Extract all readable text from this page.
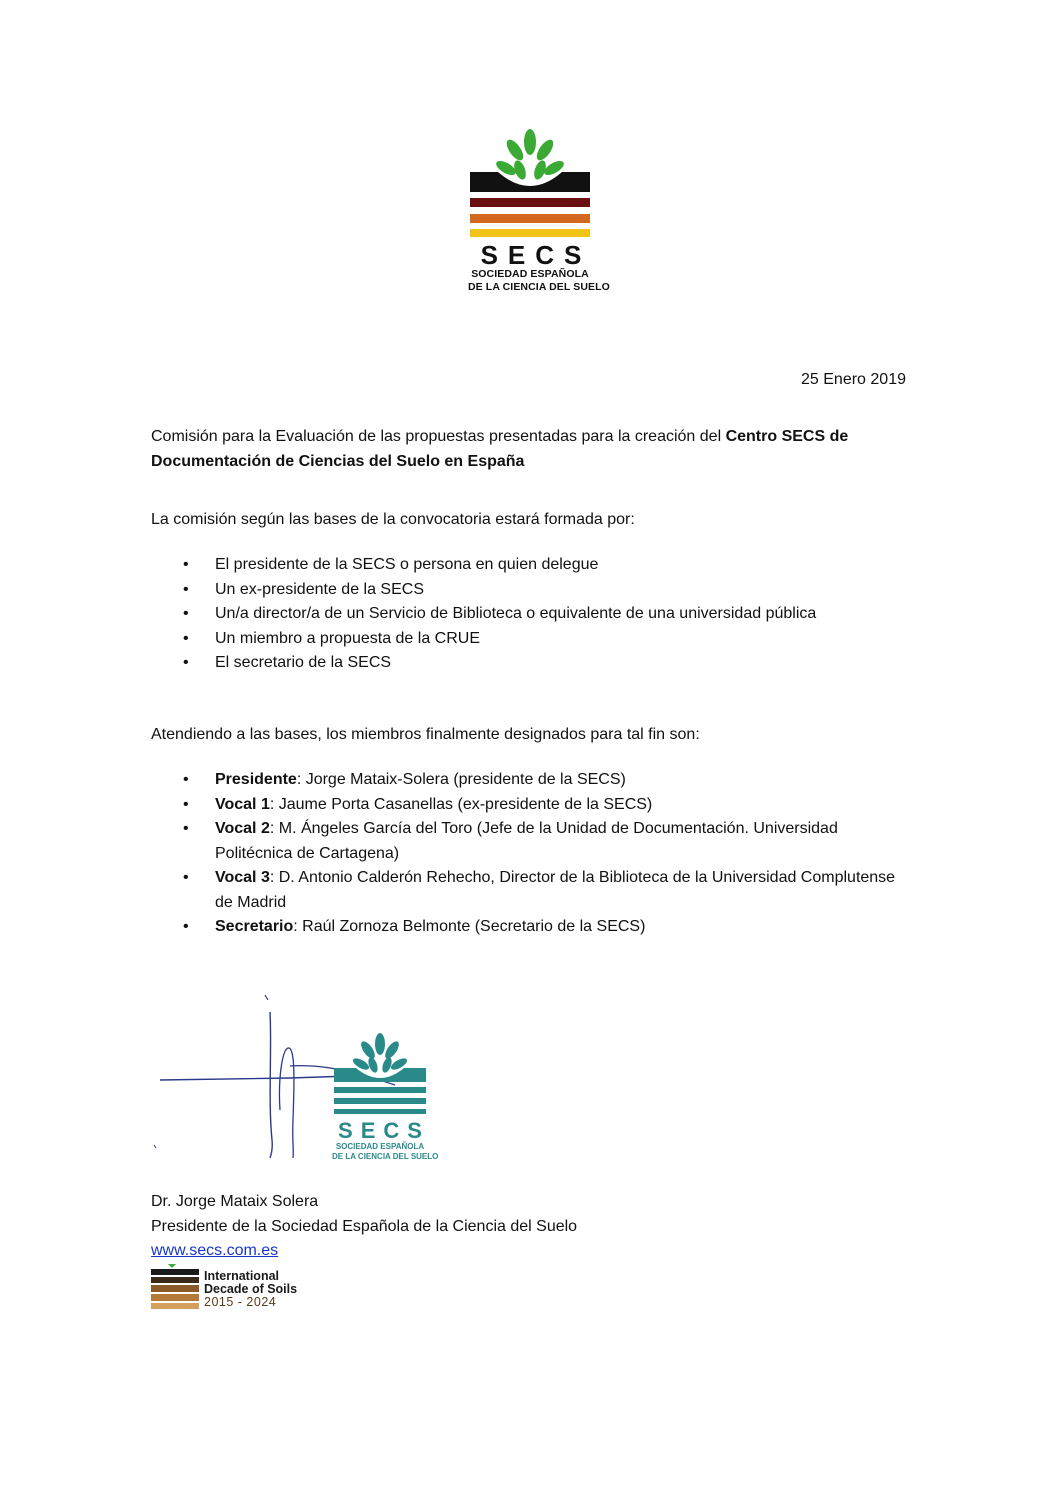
SECS
SOCIEDAD ESPAÑOLA
DE LA CIENCIA DEL SUELO
25 Enero 2019
Comisión para la Evaluación de las propuestas presentadas para la creación del Centro SECS de Documentación de Ciencias del Suelo en España
La comisión según las bases de la convocatoria estará formada por:
• El presidente de la SECS o persona en quien delegue
• Un ex-presidente de la SECS
• Un/a director/a de un Servicio de Biblioteca o equivalente de una universidad pública
• Un miembro a propuesta de la CRUE
• El secretario de la SECS
Atendiendo a las bases, los miembros finalmente designados para tal fin son:
• Presidente: Jorge Mataix-Solera (presidente de la SECS)
• Vocal 1: Jaume Porta Casanellas (ex-presidente de la SECS)
• Vocal 2: M. Ángeles García del Toro (Jefe de la Unidad de Documentación. Universidad Politécnica de Cartagena)
• Vocal 3: D. Antonio Calderón Rehecho, Director de la Biblioteca de la Universidad Complutense de Madrid
• Secretario: Raúl Zornoza Belmonte (Secretario de la SECS)
SECS
SOCIEDAD ESPAÑOLA
DE LA CIENCIA DEL SUELO
Dr. Jorge Mataix Solera
Presidente de la Sociedad Española de la Ciencia del Suelo
www.secs.com.es
International
Decade of Soils
2015 - 2024
